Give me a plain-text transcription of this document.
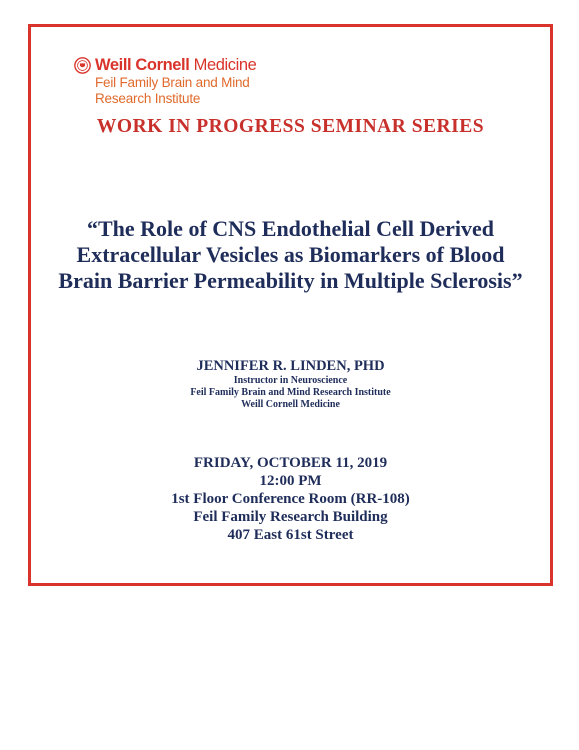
Weill Cornell Medicine
Feil Family Brain and Mind
Research Institute
WORK IN PROGRESS SEMINAR SERIES
“The Role of CNS Endothelial Cell Derived
Extracellular Vesicles as Biomarkers of Blood
Brain Barrier Permeability in Multiple Sclerosis”
JENNIFER R. LINDEN, PHD
Instructor in Neuroscience
Feil Family Brain and Mind Research Institute
Weill Cornell Medicine
FRIDAY, OCTOBER 11, 2019
12:00 PM
1st Floor Conference Room (RR-108)
Feil Family Research Building
407 East 61st Street
